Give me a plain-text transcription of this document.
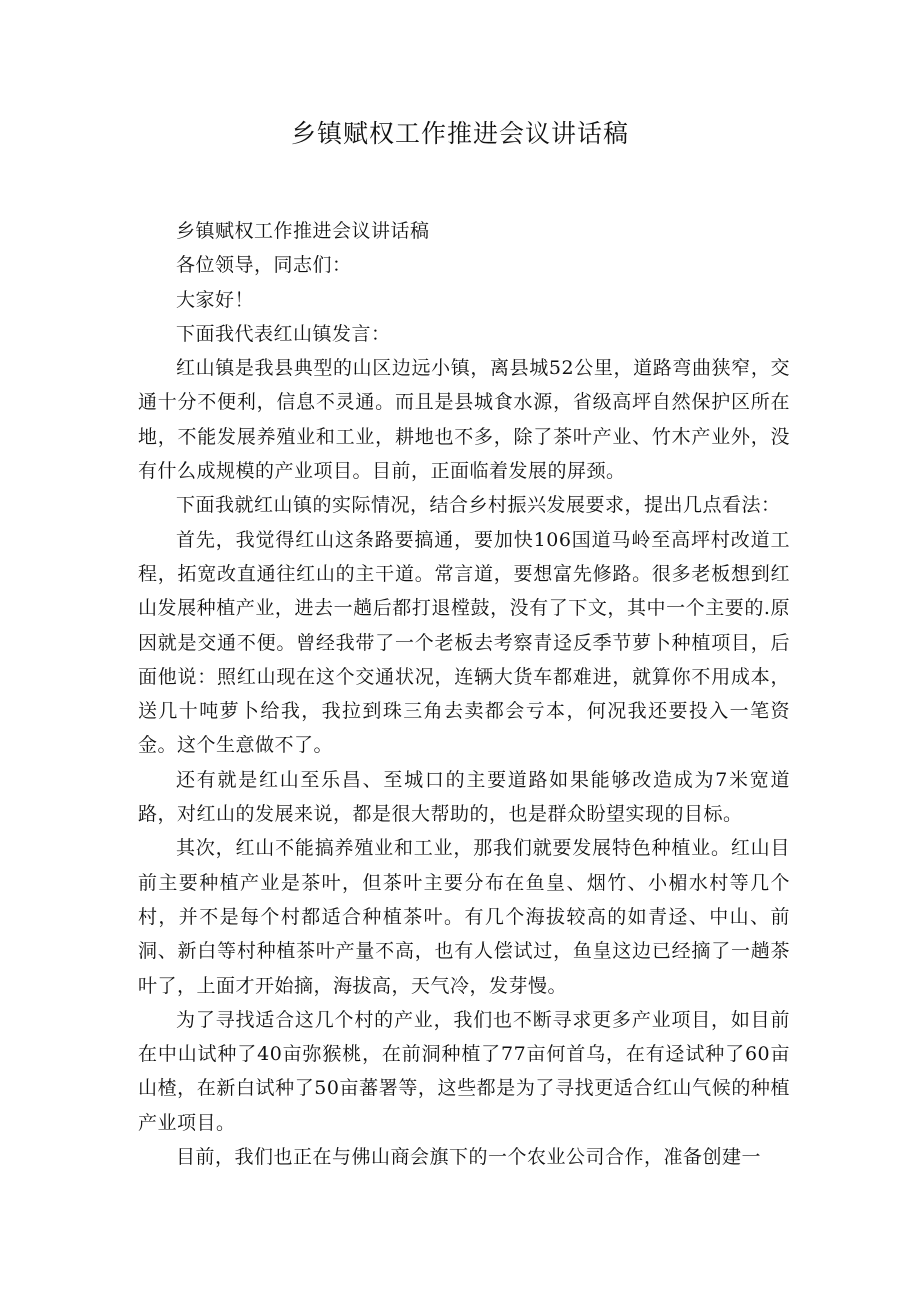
乡镇赋权工作推进会议讲话稿

乡镇赋权工作推进会议讲话稿

各位领导，同志们：

大家好！

下面我代表红山镇发言：

红山镇是我县典型的山区边远小镇，离县城52公里，道路弯曲狭窄，交通十分不便利，信息不灵通。而且是县城食水源，省级高坪自然保护区所在地，不能发展养殖业和工业，耕地也不多，除了茶叶产业、竹木产业外，没有什么成规模的产业项目。目前，正面临着发展的屏颈。

下面我就红山镇的实际情况，结合乡村振兴发展要求，提出几点看法：

首先，我觉得红山这条路要搞通，要加快106国道马岭至高坪村改道工程，拓宽改直通往红山的主干道。常言道，要想富先修路。很多老板想到红山发展种植产业，进去一趟后都打退樘鼓，没有了下文，其中一个主要的.原因就是交通不便。曾经我带了一个老板去考察青迳反季节萝卜种植项目，后面他说：照红山现在这个交通状况，连辆大货车都难进，就算你不用成本，送几十吨萝卜给我，我拉到珠三角去卖都会亏本，何况我还要投入一笔资金。这个生意做不了。

还有就是红山至乐昌、至城口的主要道路如果能够改造成为7米宽道路，对红山的发展来说，都是很大帮助的，也是群众盼望实现的目标。

其次，红山不能搞养殖业和工业，那我们就要发展特色种植业。红山目前主要种植产业是茶叶，但茶叶主要分布在鱼皇、烟竹、小楣水村等几个村，并不是每个村都适合种植茶叶。有几个海拔较高的如青迳、中山、前洞、新白等村种植茶叶产量不高，也有人偿试过，鱼皇这边已经摘了一趟茶叶了，上面才开始摘，海拔高，天气冷，发芽慢。

为了寻找适合这几个村的产业，我们也不断寻求更多产业项目，如目前在中山试种了40亩弥猴桃，在前洞种植了77亩何首乌，在有迳试种了60亩山楂，在新白试种了50亩蕃署等，这些都是为了寻找更适合红山气候的种植产业项目。

目前，我们也正在与佛山商会旗下的一个农业公司合作，准备创建一
